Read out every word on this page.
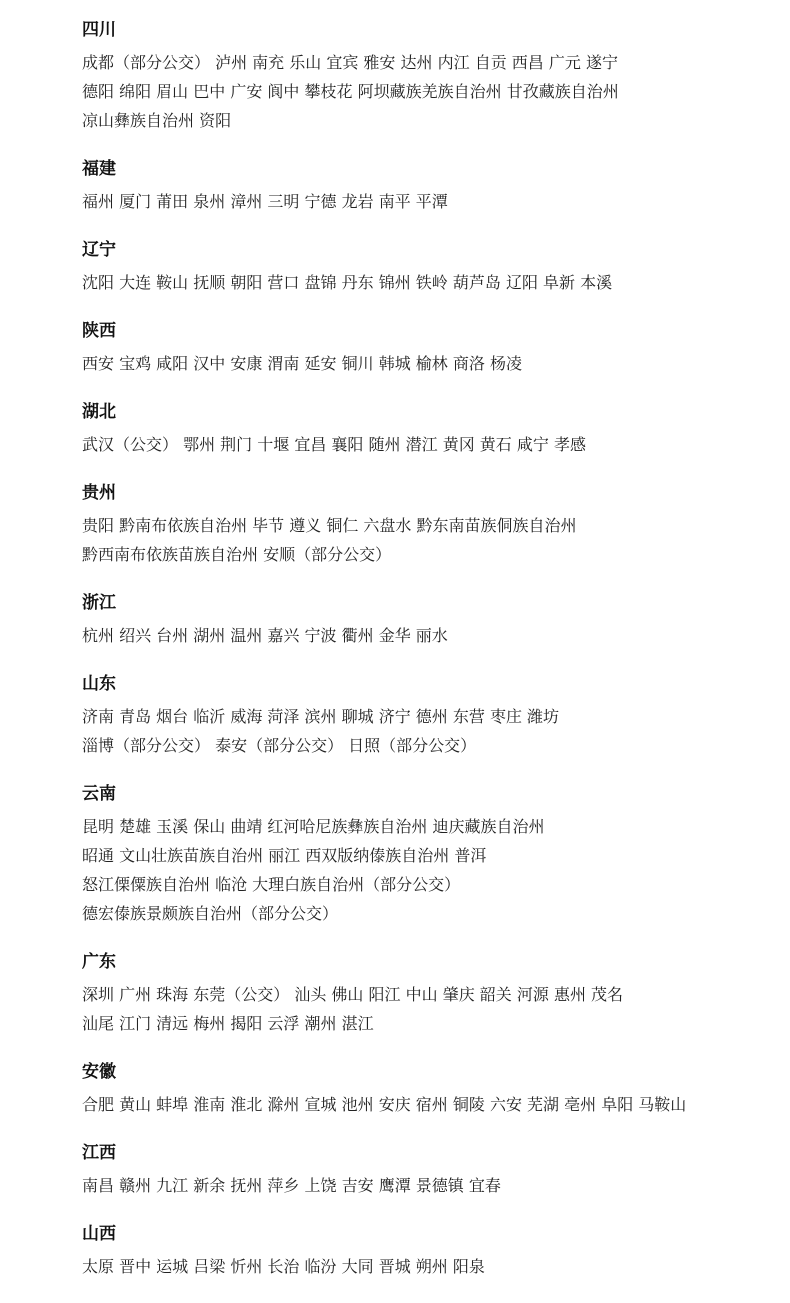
四川
成都（部分公交） 泸州 南充 乐山 宜宾 雅安 达州 内江 自贡 西昌 广元 遂宁
德阳 绵阳 眉山 巴中 广安 阆中 攀枝花 阿坝藏族羌族自治州 甘孜藏族自治州
凉山彝族自治州 资阳
福建
福州 厦门 莆田 泉州 漳州 三明 宁德 龙岩 南平 平潭
辽宁
沈阳 大连 鞍山 抚顺 朝阳 营口 盘锦 丹东 锦州 铁岭 葫芦岛 辽阳 阜新 本溪
陕西
西安 宝鸡 咸阳 汉中 安康 渭南 延安 铜川 韩城 榆林 商洛 杨凌
湖北
武汉（公交） 鄂州 荆门 十堰 宜昌 襄阳 随州 潜江 黄冈 黄石 咸宁 孝感
贵州
贵阳 黔南布依族自治州 毕节 遵义 铜仁 六盘水 黔东南苗族侗族自治州
黔西南布依族苗族自治州 安顺（部分公交）
浙江
杭州 绍兴 台州 湖州 温州 嘉兴 宁波 衢州 金华 丽水
山东
济南 青岛 烟台 临沂 威海 菏泽 滨州 聊城 济宁 德州 东营 枣庄 潍坊
淄博（部分公交） 泰安（部分公交） 日照（部分公交）
云南
昆明 楚雄 玉溪 保山 曲靖 红河哈尼族彝族自治州 迪庆藏族自治州
昭通 文山壮族苗族自治州 丽江 西双版纳傣族自治州 普洱
怒江傈僳族自治州 临沧 大理白族自治州（部分公交）
德宏傣族景颇族自治州（部分公交）
广东
深圳 广州 珠海 东莞（公交） 汕头 佛山 阳江 中山 肇庆 韶关 河源 惠州 茂名
汕尾 江门 清远 梅州 揭阳 云浮 潮州 湛江
安徽
合肥 黄山 蚌埠 淮南 淮北 滁州 宣城 池州 安庆 宿州 铜陵 六安 芜湖 亳州 阜阳 马鞍山
江西
南昌 赣州 九江 新余 抚州 萍乡 上饶 吉安 鹰潭 景德镇 宜春
山西
太原 晋中 运城 吕梁 忻州 长治 临汾 大同 晋城 朔州 阳泉
